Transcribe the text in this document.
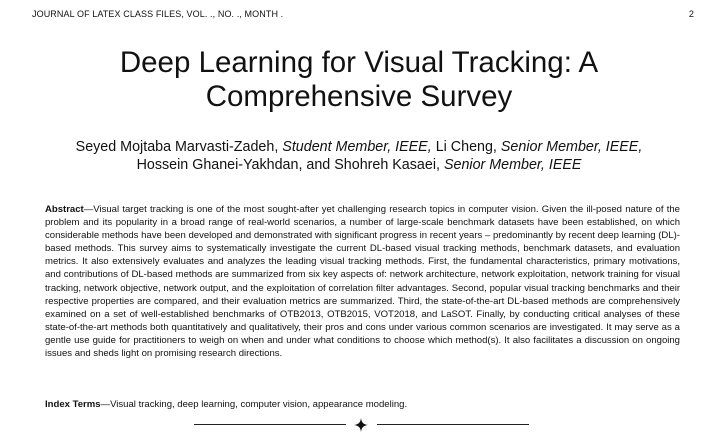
JOURNAL OF LATEX CLASS FILES, VOL. ., NO. ., MONTH .	2
Deep Learning for Visual Tracking: A
Comprehensive Survey
Seyed Mojtaba Marvasti-Zadeh, Student Member, IEEE, Li Cheng, Senior Member, IEEE,
Hossein Ghanei-Yakhdan, and Shohreh Kasaei, Senior Member, IEEE
Abstract—Visual target tracking is one of the most sought-after yet challenging research topics in computer vision. Given the ill-posed nature of the problem and its popularity in a broad range of real-world scenarios, a number of large-scale benchmark datasets have been established, on which considerable methods have been developed and demonstrated with significant progress in recent years – predominantly by recent deep learning (DL)-based methods. This survey aims to systematically investigate the current DL-based visual tracking methods, benchmark datasets, and evaluation metrics. It also extensively evaluates and analyzes the leading visual tracking methods. First, the fundamental characteristics, primary motivations, and contributions of DL-based methods are summarized from six key aspects of: network architecture, network exploitation, network training for visual tracking, network objective, network output, and the exploitation of correlation filter advantages. Second, popular visual tracking benchmarks and their respective properties are compared, and their evaluation metrics are summarized. Third, the state-of-the-art DL-based methods are comprehensively examined on a set of well-established benchmarks of OTB2013, OTB2015, VOT2018, and LaSOT. Finally, by conducting critical analyses of these state-of-the-art methods both quantitatively and qualitatively, their pros and cons under various common scenarios are investigated. It may serve as a gentle use guide for practitioners to weigh on when and under what conditions to choose which method(s). It also facilitates a discussion on ongoing issues and sheds light on promising research directions.
Index Terms—Visual tracking, deep learning, computer vision, appearance modeling.
